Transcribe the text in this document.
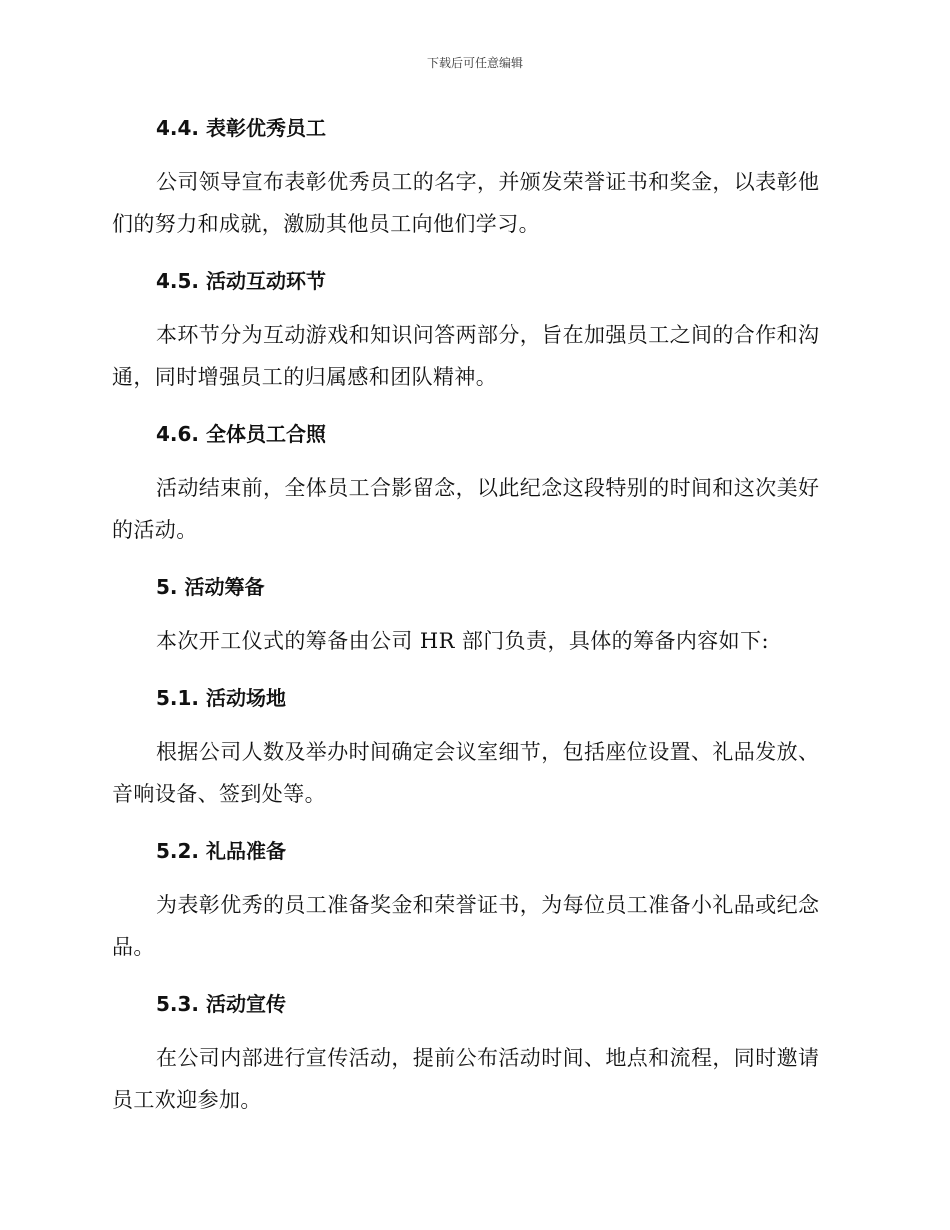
下载后可任意编辑
4.4. 表彰优秀员工

公司领导宣布表彰优秀员工的名字，并颁发荣誉证书和奖金，以表彰他们的努力和成就，激励其他员工向他们学习。

4.5. 活动互动环节

本环节分为互动游戏和知识问答两部分，旨在加强员工之间的合作和沟通，同时增强员工的归属感和团队精神。

4.6. 全体员工合照

活动结束前，全体员工合影留念，以此纪念这段特别的时间和这次美好的活动。

5. 活动筹备

本次开工仪式的筹备由公司 HR 部门负责，具体的筹备内容如下:

5.1. 活动场地

根据公司人数及举办时间确定会议室细节，包括座位设置、礼品发放、音响设备、签到处等。

5.2. 礼品准备

为表彰优秀的员工准备奖金和荣誉证书，为每位员工准备小礼品或纪念品。

5.3. 活动宣传

在公司内部进行宣传活动，提前公布活动时间、地点和流程，同时邀请员工欢迎参加。
